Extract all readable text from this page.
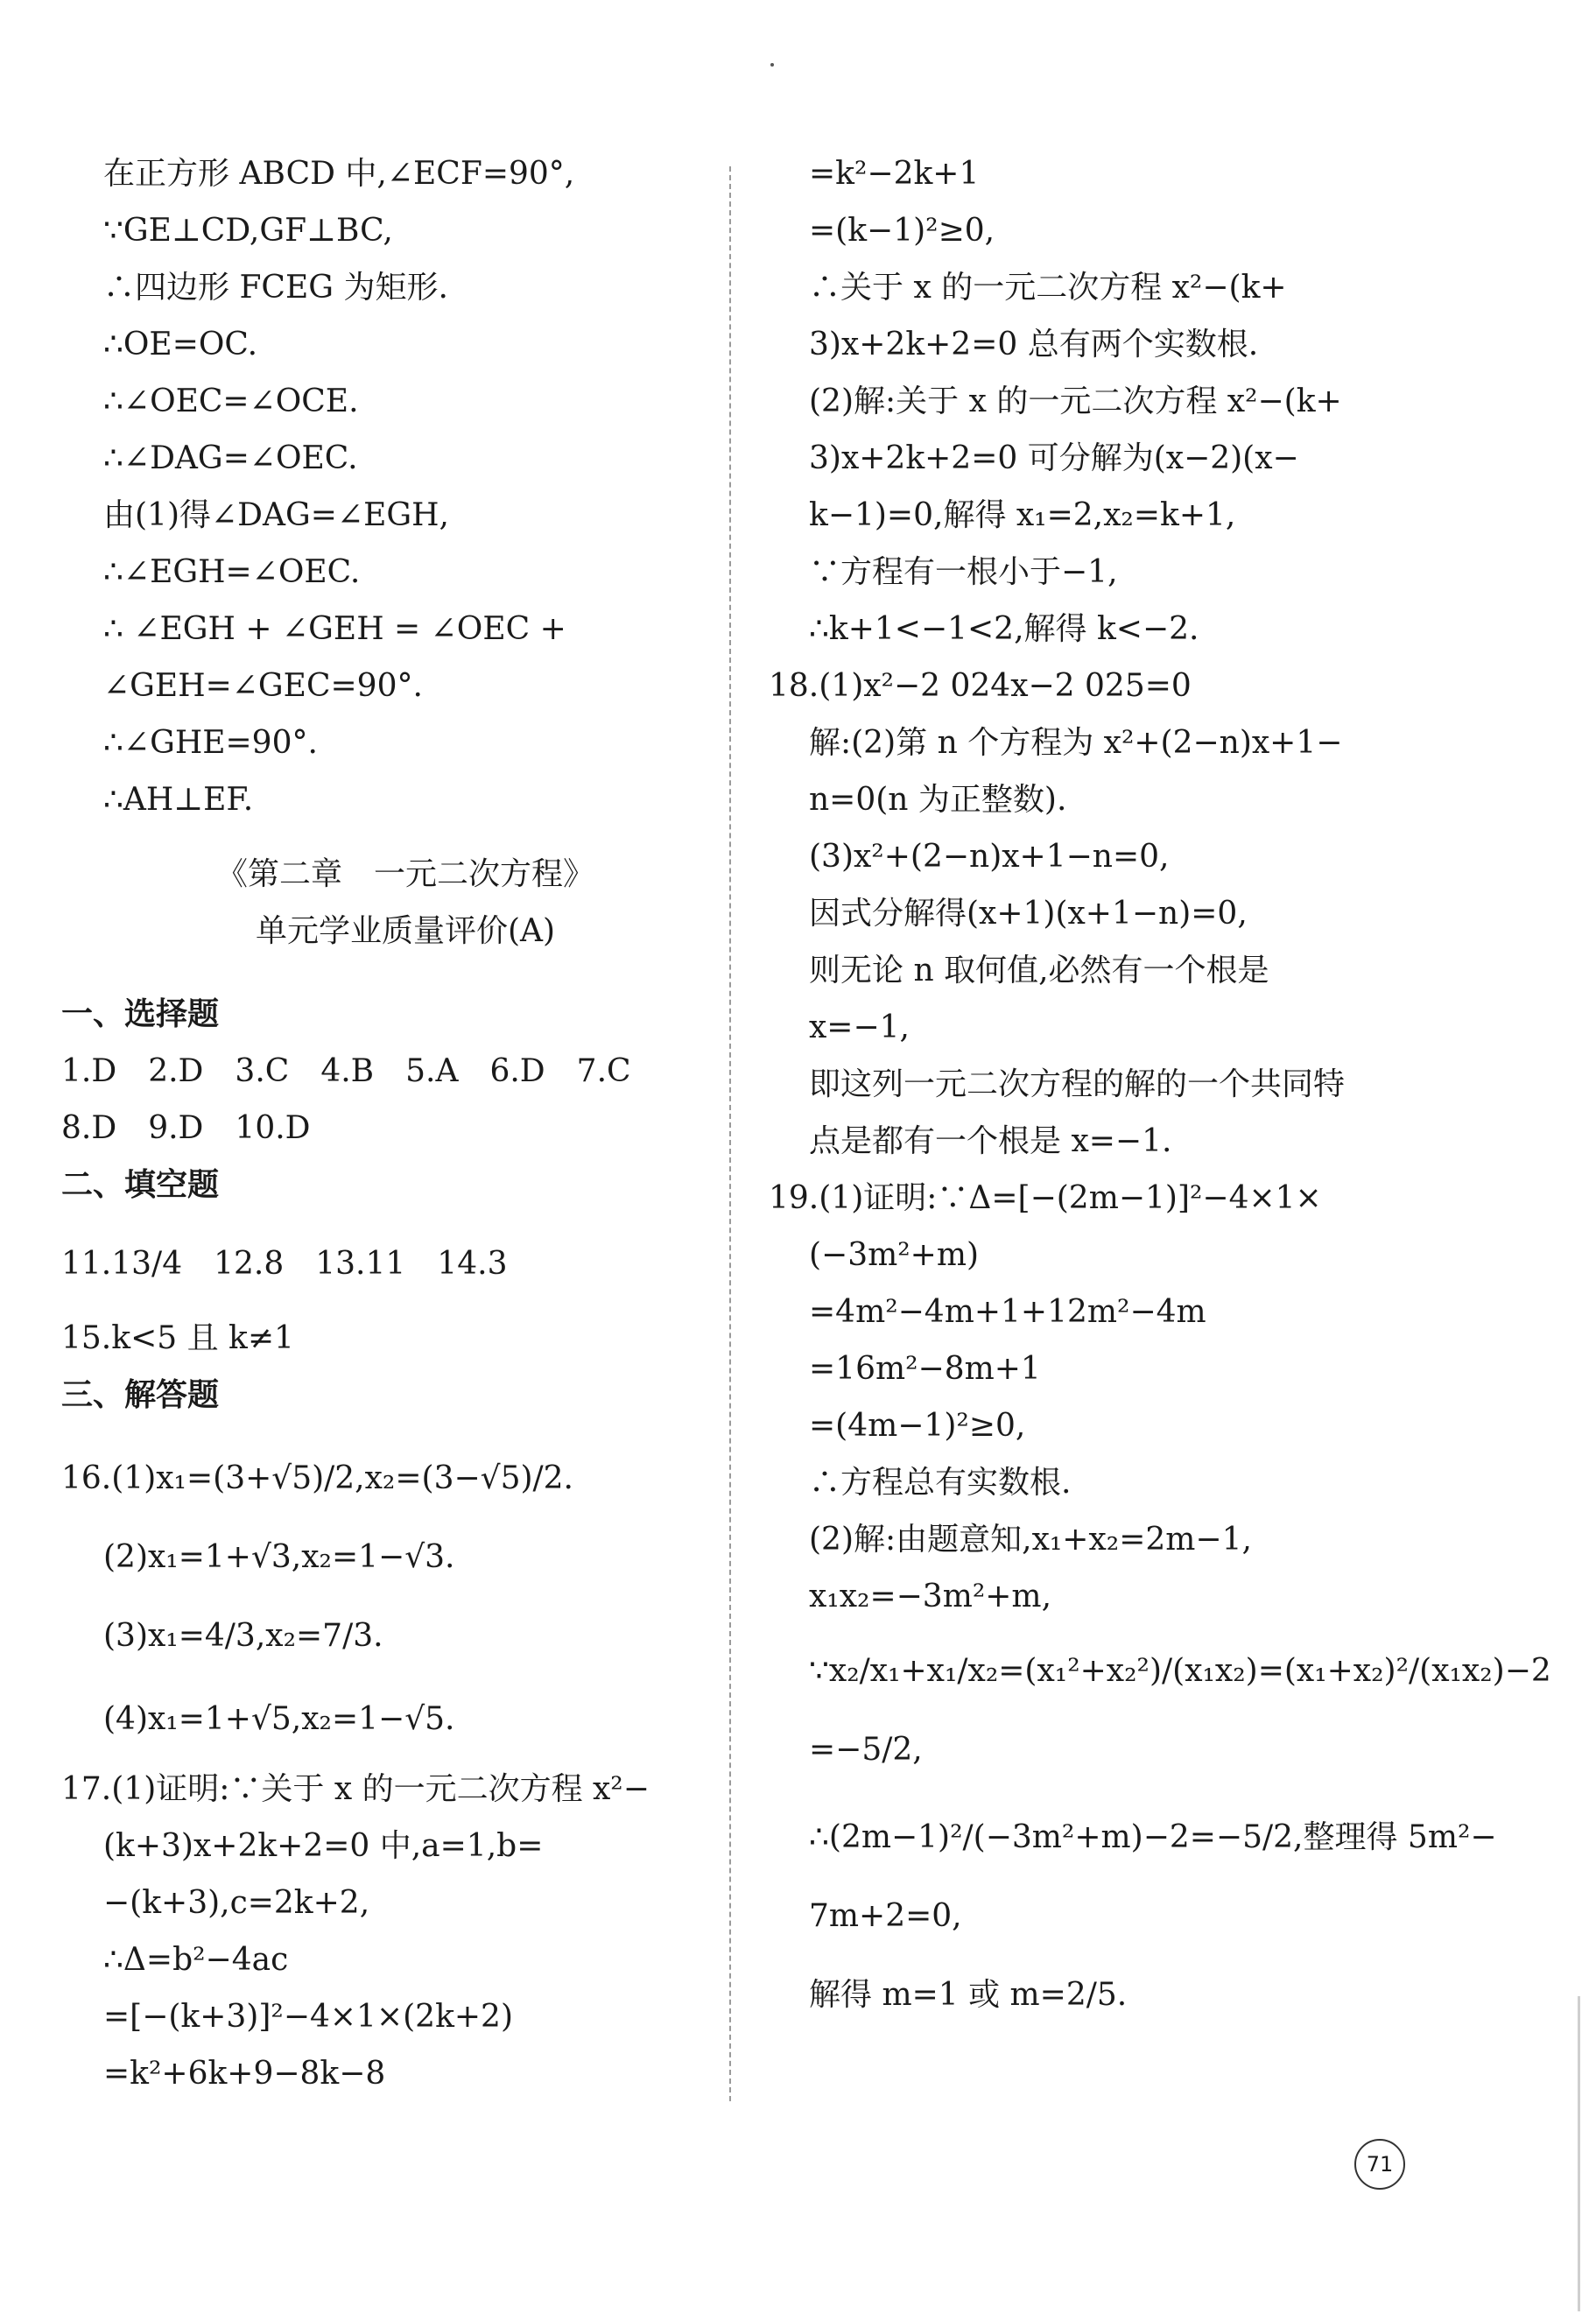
在正方形 ABCD 中,∠ECF=90°,
∵GE⊥CD,GF⊥BC,
∴四边形 FCEG 为矩形.
∴OE=OC.
∴∠OEC=∠OCE.
∴∠DAG=∠OEC.
由(1)得∠DAG=∠EGH,
∴∠EGH=∠OEC.
∴ ∠EGH + ∠GEH = ∠OEC +
∠GEH=∠GEC=90°.
∴∠GHE=90°.
∴AH⊥EF.
《第二章　一元二次方程》
单元学业质量评价(A)
一、选择题
1.D　2.D　3.C　4.B　5.A　6.D　7.C
8.D　9.D　10.D
二、填空题
11.13/4　12.8　13.11　14.3
15.k<5 且 k≠1
三、解答题
16.(1)x₁=(3+√5)/2,x₂=(3−√5)/2.
(2)x₁=1+√3,x₂=1−√3.
(3)x₁=4/3,x₂=7/3.
(4)x₁=1+√5,x₂=1−√5.
17.(1)证明:∵关于 x 的一元二次方程 x²−
(k+3)x+2k+2=0 中,a=1,b=
−(k+3),c=2k+2,
∴Δ=b²−4ac
=[−(k+3)]²−4×1×(2k+2)
=k²+6k+9−8k−8
=k²−2k+1
=(k−1)²≥0,
∴关于 x 的一元二次方程 x²−(k+
3)x+2k+2=0 总有两个实数根.
(2)解:关于 x 的一元二次方程 x²−(k+
3)x+2k+2=0 可分解为(x−2)(x−
k−1)=0,解得 x₁=2,x₂=k+1,
∵方程有一根小于−1,
∴k+1<−1<2,解得 k<−2.
18.(1)x²−2 024x−2 025=0
解:(2)第 n 个方程为 x²+(2−n)x+1−
n=0(n 为正整数).
(3)x²+(2−n)x+1−n=0,
因式分解得(x+1)(x+1−n)=0,
则无论 n 取何值,必然有一个根是
x=−1,
即这列一元二次方程的解的一个共同特
点是都有一个根是 x=−1.
19.(1)证明:∵Δ=[−(2m−1)]²−4×1×
(−3m²+m)
=4m²−4m+1+12m²−4m
=16m²−8m+1
=(4m−1)²≥0,
∴方程总有实数根.
(2)解:由题意知,x₁+x₂=2m−1,
x₁x₂=−3m²+m,
∵x₂/x₁+x₁/x₂=(x₁²+x₂²)/(x₁x₂)=(x₁+x₂)²/(x₁x₂)−2
=−5/2,
∴(2m−1)²/(−3m²+m)−2=−5/2,整理得 5m²−
7m+2=0,
解得 m=1 或 m=2/5.
71
